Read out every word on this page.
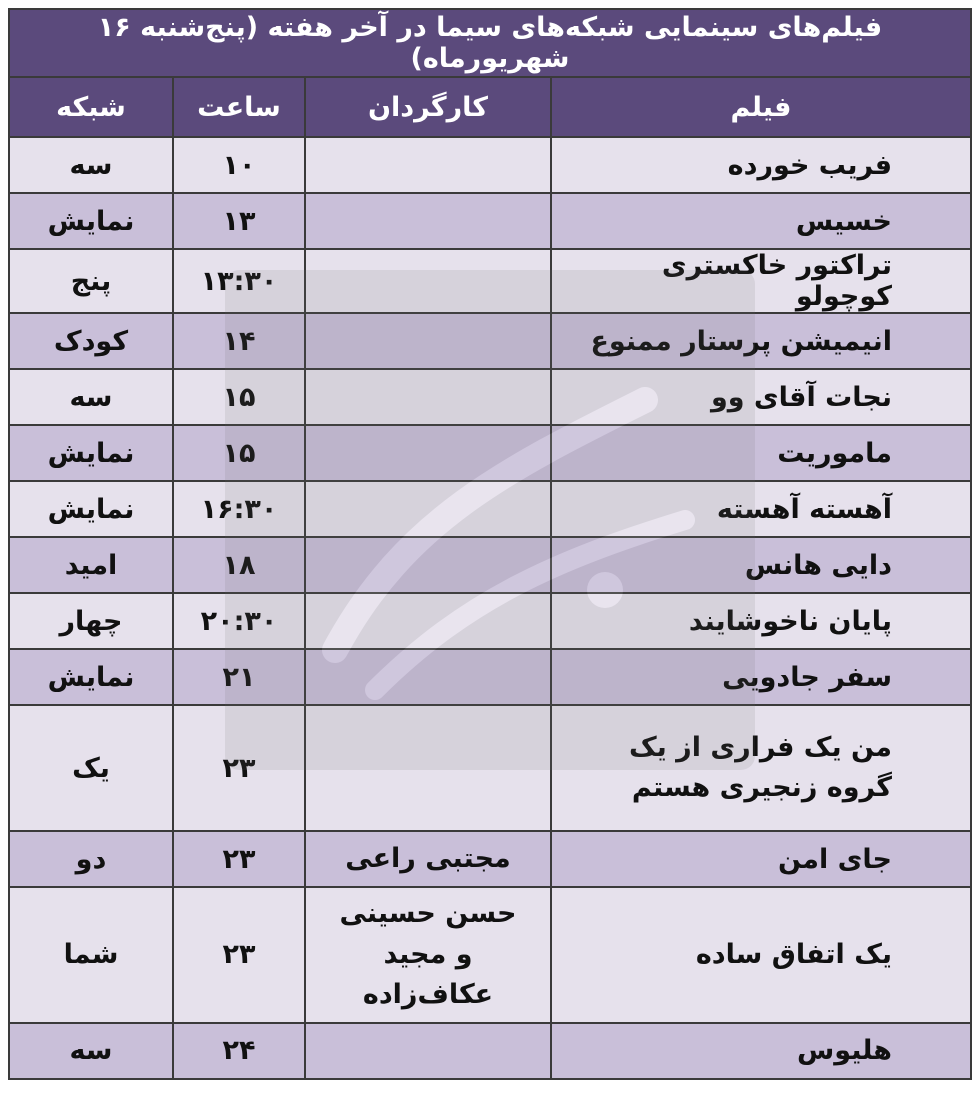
فیلم‌های سینمایی شبکه‌های سیما در آخر هفته (پنج‌شنبه ۱۶ شهریورماه)			
فیلم	کارگردان	ساعت	شبکه
فریب خورده		۱۰	سه
خسیس		۱۳	نمایش
تراکتور خاکستری کوچولو		۱۳:۳۰	پنج
انیمیشن پرستار ممنوع		۱۴	کودک
نجات آقای وو		۱۵	سه
ماموریت		۱۵	نمایش
آهسته آهسته		۱۶:۳۰	نمایش
دایی هانس		۱۸	امید
پایان ناخوشایند		۲۰:۳۰	چهار
سفر جادویی		۲۱	نمایش
من یک فراری از یک گروه زنجیری هستم		۲۳	یک
جای امن	مجتبی راعی	۲۳	دو
یک اتفاق ساده	حسن حسینی و مجید عکاف‌زاده	۲۳	شما
هلیوس		۲۴	سه
